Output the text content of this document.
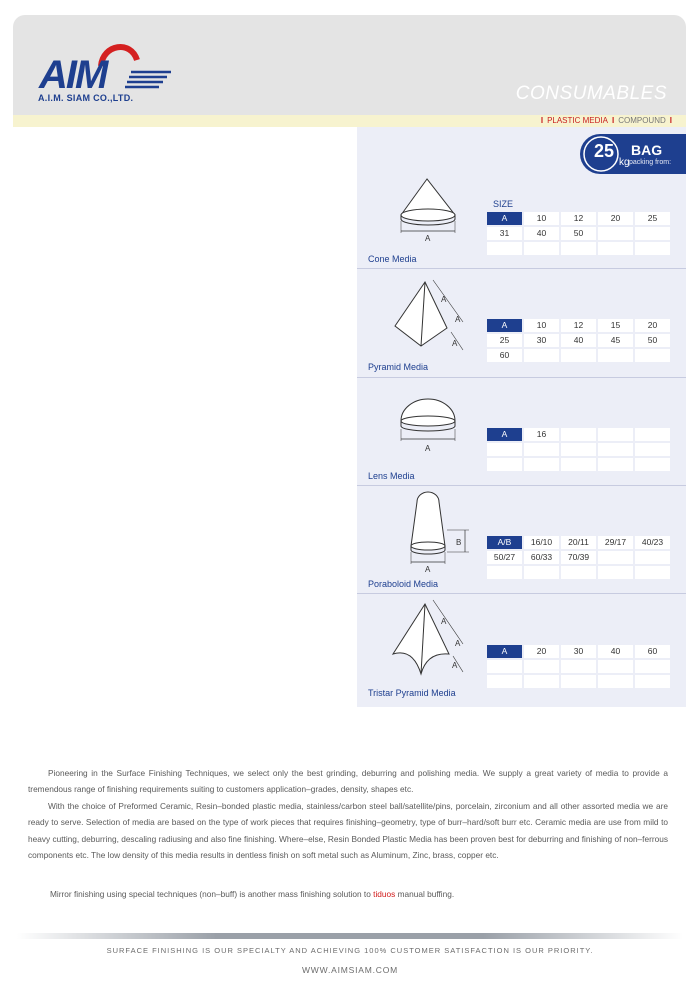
AIM
A.I.M. SIAM CO.,LTD.	CONSUMABLES
I PLASTIC MEDIA I COMPOUND I
25
kg
BAG
packing from:
SIZE
A
Cone Media
A	10	12	20	25
31	40	50
A
A
A
Pyramid Media
A	10	12	15	20
25	30	40	45	50
60
A
Lens Media
A	16
B
A
Poraboloid Media
A/B	16/10	20/11	29/17	40/23
50/27	60/33	70/39
A
A
A
Tristar Pyramid Media
A	20	30	40	60
Pioneering in the Surface Finishing Techniques, we select only the best grinding, deburring and polishing media. We supply a great variety of media to provide a tremendous range of finishing requirements suiting to customers application–grades, density, shapes etc.
With the choice of Preformed Ceramic, Resin–bonded plastic media, stainless/carbon steel ball/satellite/pins, porcelain, zirconium and all other assorted media we are ready to serve. Selection of media are based on the type of work pieces that requires finishing–geometry, type of burr–hard/soft burr etc. Ceramic media are use from mild to heavy cutting, deburring, descaling radiusing and also fine finishing. Where–else, Resin Bonded Plastic Media has been proven best for deburring and finishing of non–ferrous components etc. The low density of this media results in dentless finish on soft metal such as Aluminum, Zinc, brass, copper etc.
Mirror finishing using special techniques (non–buff) is another mass finishing solution to tiduos manual buffing.
SURFACE FINISHING IS OUR SPECIALTY AND ACHIEVING 100% CUSTOMER SATISFACTION IS OUR PRIORITY.
WWW.AIMSIAM.COM
